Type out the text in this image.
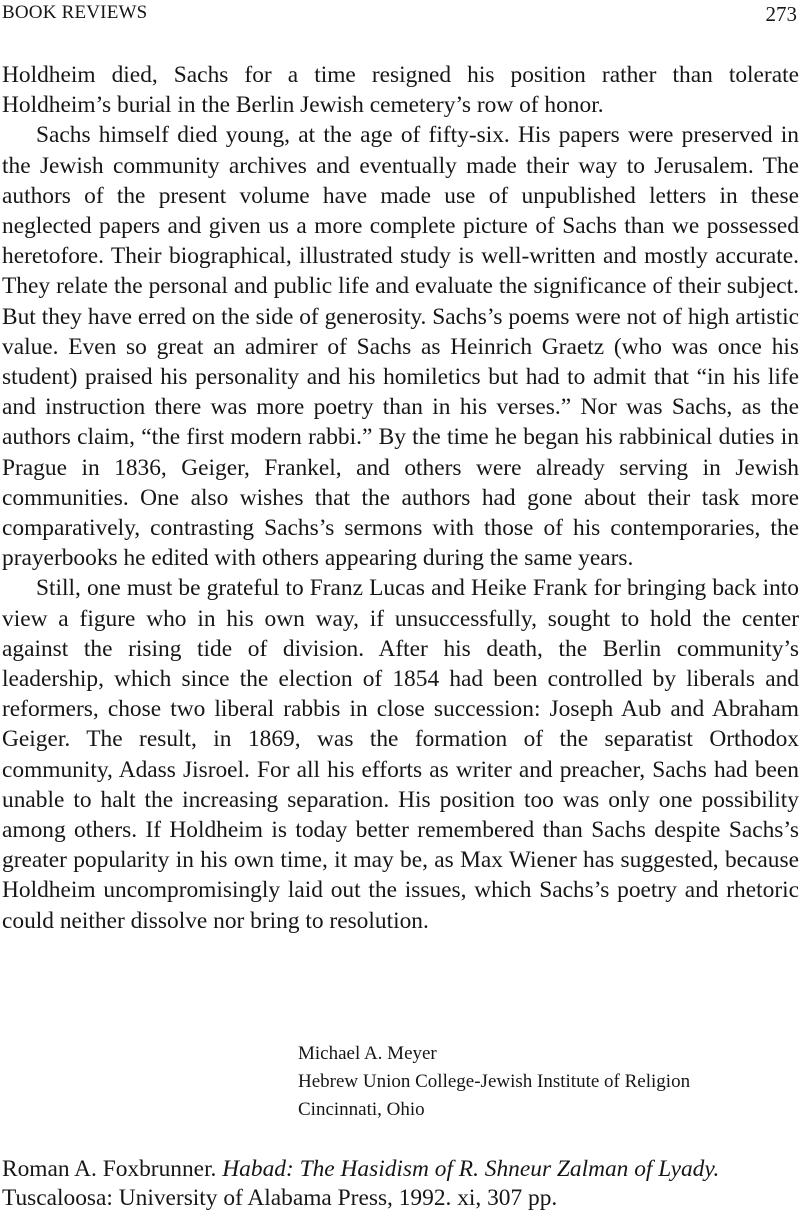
BOOK REVIEWS	273

Holdheim died, Sachs for a time resigned his position rather than tolerate Holdheim’s burial in the Berlin Jewish cemetery’s row of honor.

Sachs himself died young, at the age of fifty-six. His papers were preserved in the Jewish community archives and eventually made their way to Jerusalem. The authors of the present volume have made use of unpublished letters in these neglected papers and given us a more complete picture of Sachs than we possessed heretofore. Their biographical, illustrated study is well-written and mostly accurate. They relate the personal and public life and evaluate the significance of their subject. But they have erred on the side of generosity. Sachs’s poems were not of high artistic value. Even so great an admirer of Sachs as Heinrich Graetz (who was once his student) praised his personality and his homiletics but had to admit that “in his life and instruction there was more poetry than in his verses.” Nor was Sachs, as the authors claim, “the first modern rabbi.” By the time he began his rabbinical duties in Prague in 1836, Geiger, Frankel, and others were already serving in Jewish communities. One also wishes that the authors had gone about their task more comparatively, contrasting Sachs’s sermons with those of his contemporaries, the prayerbooks he edited with others appearing during the same years.

Still, one must be grateful to Franz Lucas and Heike Frank for bringing back into view a figure who in his own way, if unsuccessfully, sought to hold the center against the rising tide of division. After his death, the Berlin community’s leadership, which since the election of 1854 had been controlled by liberals and reformers, chose two liberal rabbis in close succession: Joseph Aub and Abraham Geiger. The result, in 1869, was the formation of the separatist Orthodox community, Adass Jisroel. For all his efforts as writer and preacher, Sachs had been unable to halt the increasing separation. His position too was only one possibility among others. If Holdheim is today better remembered than Sachs despite Sachs’s greater popularity in his own time, it may be, as Max Wiener has suggested, because Holdheim uncompromisingly laid out the issues, which Sachs’s poetry and rhetoric could neither dissolve nor bring to resolution.

Michael A. Meyer
Hebrew Union College-Jewish Institute of Religion
Cincinnati, Ohio
Roman A. Foxbrunner. Habad: The Hasidism of R. Shneur Zalman of Lyady.
Tuscaloosa: University of Alabama Press, 1992. xi, 307 pp.
